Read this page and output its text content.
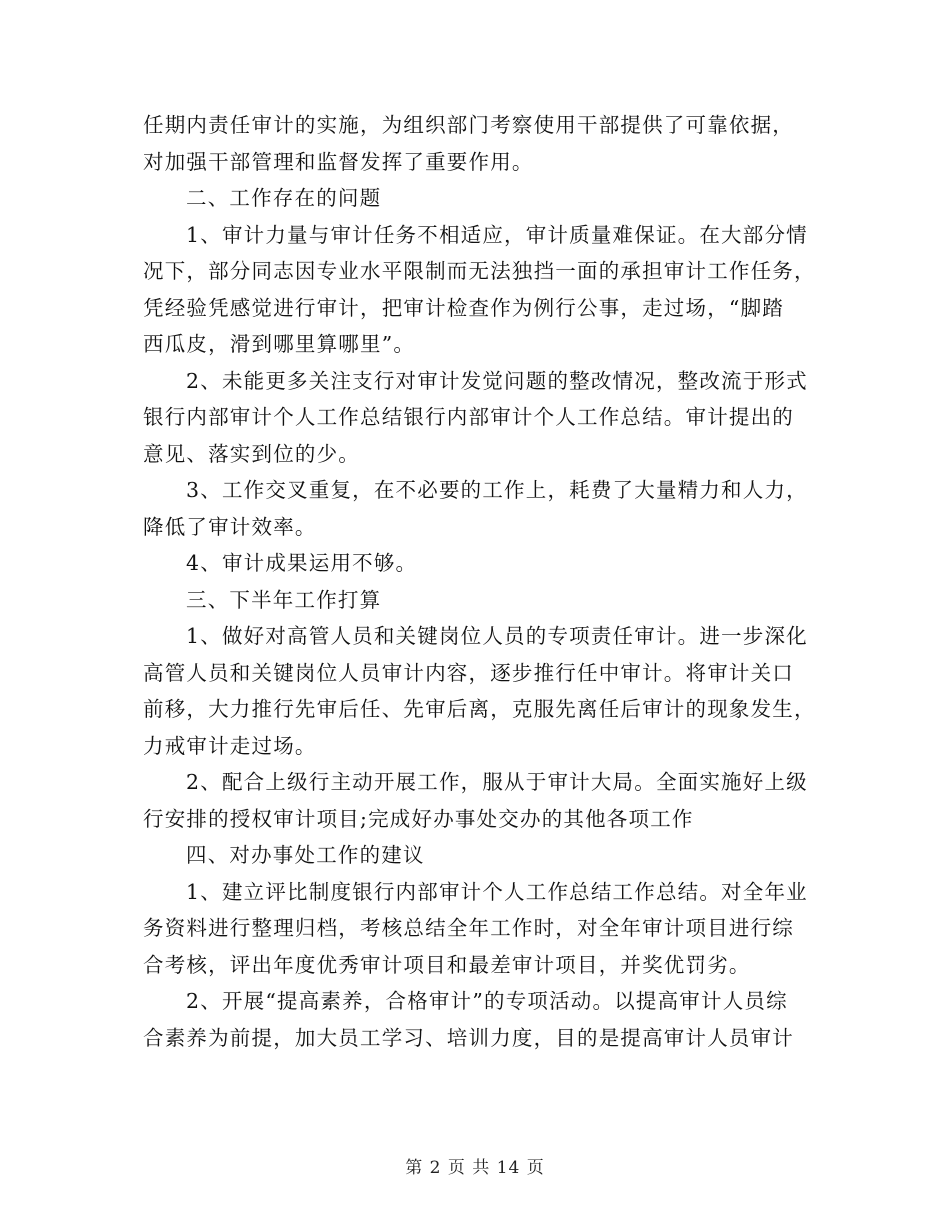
任期内责任审计的实施，为组织部门考察使用干部提供了可靠依据，
对加强干部管理和监督发挥了重要作用。
二、工作存在的问题
1、审计力量与审计任务不相适应，审计质量难保证。在大部分情
况下，部分同志因专业水平限制而无法独挡一面的承担审计工作任务，
凭经验凭感觉进行审计，把审计检查作为例行公事，走过场，“脚踏
西瓜皮，滑到哪里算哪里”。
2、未能更多关注支行对审计发觉问题的整改情况，整改流于形式
银行内部审计个人工作总结银行内部审计个人工作总结。审计提出的
意见、落实到位的少。
3、工作交叉重复，在不必要的工作上，耗费了大量精力和人力，
降低了审计效率。
4、审计成果运用不够。
三、下半年工作打算
1、做好对高管人员和关键岗位人员的专项责任审计。进一步深化
高管人员和关键岗位人员审计内容，逐步推行任中审计。将审计关口
前移，大力推行先审后任、先审后离，克服先离任后审计的现象发生，
力戒审计走过场。
2、配合上级行主动开展工作，服从于审计大局。全面实施好上级
行安排的授权审计项目;完成好办事处交办的其他各项工作
四、对办事处工作的建议
1、建立评比制度银行内部审计个人工作总结工作总结。对全年业
务资料进行整理归档，考核总结全年工作时，对全年审计项目进行综
合考核，评出年度优秀审计项目和最差审计项目，并奖优罚劣。
2、开展“提高素养，合格审计”的专项活动。以提高审计人员综
合素养为前提，加大员工学习、培训力度，目的是提高审计人员审计
第 2 页 共 14 页
